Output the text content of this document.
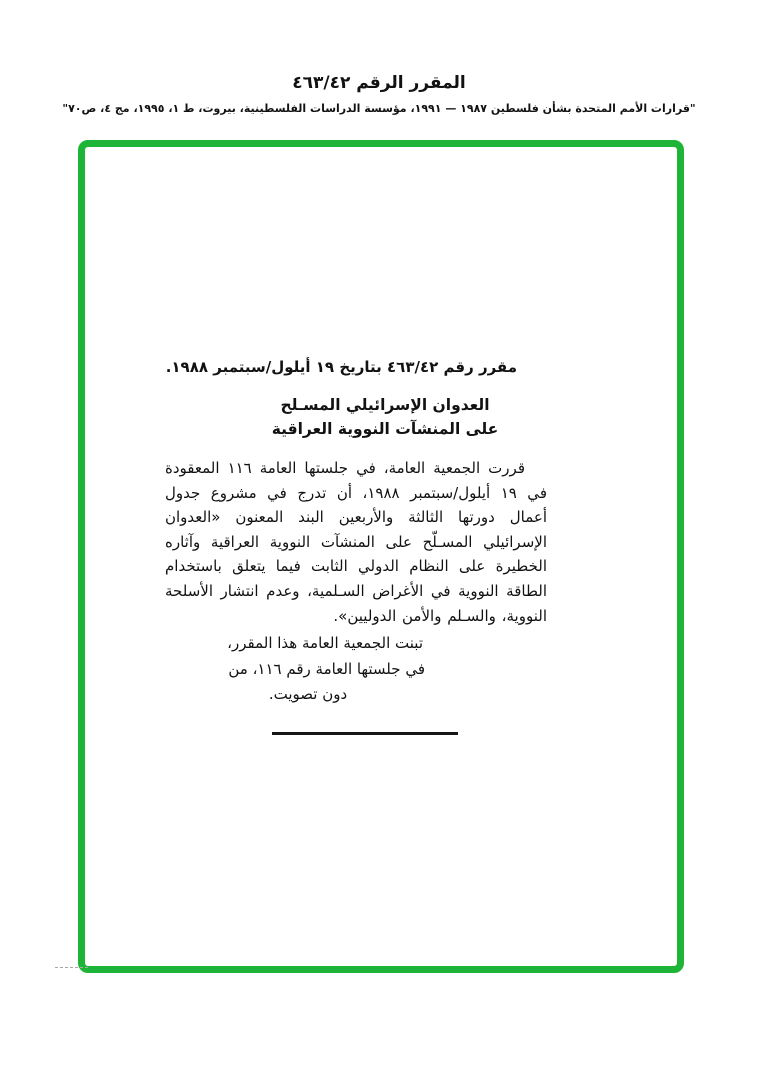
المقرر الرقم ٤٦٣/٤٢
"قرارات الأمم المتحدة بشأن فلسطين ١٩٨٧ — ١٩٩١، مؤسسة الدراسات الفلسطينية، بيروت، ط ١، ١٩٩٥، مج ٤، ص٧٠"
مقرر رقم ٤٦٣/٤٢ بتاريخ ١٩ أيلول/سبتمبر ١٩٨٨.
العدوان الإسرائيلي المسـلح
على المنشآت النووية العراقية
قررت الجمعية العامة، في جلستها العامة ١١٦ المعقودة في ١٩ أيلول/سبتمبر ١٩٨٨، أن تدرج في مشروع جدول أعمال دورتها الثالثة والأربعين البند المعنون «العدوان الإسرائيلي المسـلّح على المنشآت النووية العراقية وآثاره الخطيرة على النظام الدولي الثابت فيما يتعلق باستخدام الطاقة النووية في الأغراض السـلمية، وعدم انتشار الأسلحة النووية، والسـلم والأمن الدوليين».
تبنت الجمعية العامة هذا المقرر،
في جلستها العامة رقم ١١٦، من
دون تصويت.
